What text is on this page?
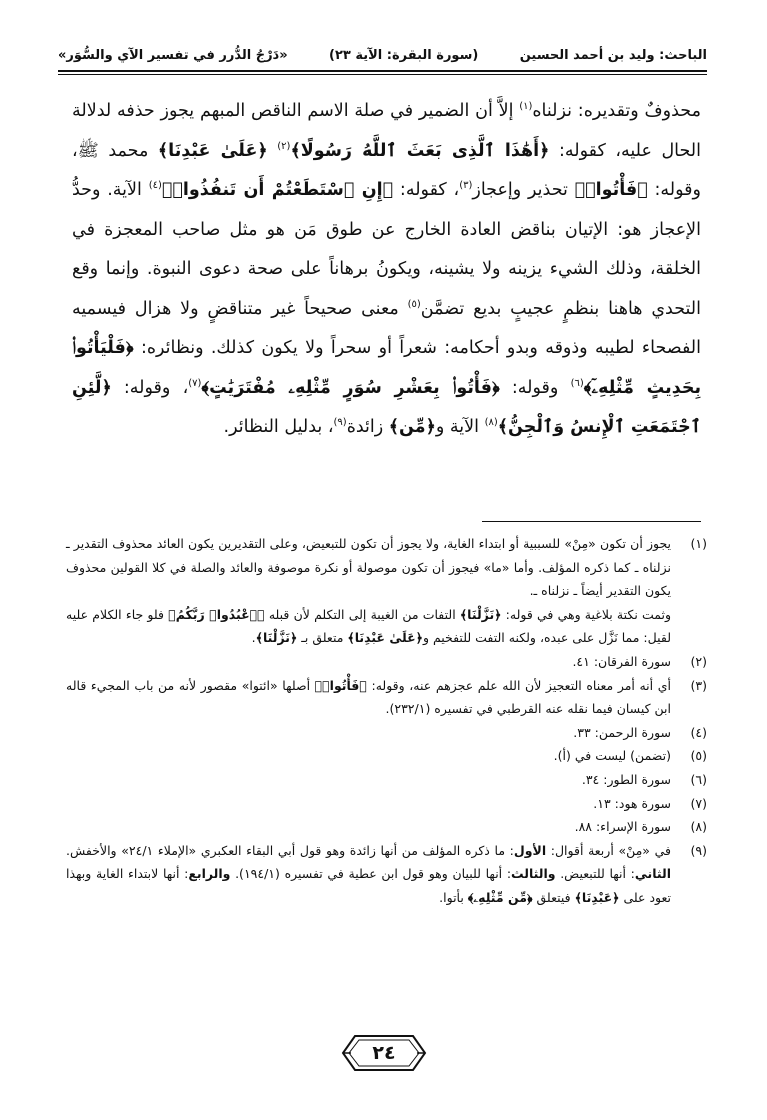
الباحث: وليد بن أحمد الحسين
(سورة البقرة: الآية ٢٣)
«دَرْجُ الدُّرر في تفسير الآي والسُّوَر»
محذوفٌ وتقديره: نزلناه$^{(١)}$ إلاَّ أن الضمير في صلة الاسم الناقص المبهم يجوز حذفه لدلالة الحال عليه، كقوله: ﴿أَهَٰذَا ٱلَّذِى بَعَثَ ٱللَّهُ رَسُولًا﴾$^{(٢)}$ ﴿عَلَىٰ عَبْدِنَا﴾ محمد ﷺ، وقوله: ﴿فَأْتُوا۟﴾ تحذير وإعجاز$^{(٣)}$، كقوله: ﴿إِنِ ٱسْتَطَعْتُمْ أَن تَنفُذُوا۟﴾$^{(٤)}$ الآية. وحدُّ الإعجاز هو: الإتيان بناقض العادة الخارج عن طوق مَن هو مثل صاحب المعجزة في الخلقة، وذلك الشيء يزينه ولا يشينه، ويكونُ برهاناً على صحة دعوى النبوة. وإنما وقع التحدي هاهنا بنظمٍ عجيبٍ بديع تضمَّن$^{(٥)}$ معنى صحيحاً غير متناقضٍ ولا هزال فيسميه الفصحاء لطيبه وذوقه وبدو أحكامه: شعراً أو سحراً ولا يكون كذلك. ونظائره: ﴿فَلْيَأْتُوا۟ بِحَدِيثٍ مِّثْلِهِۦٓ﴾$^{(٦)}$ وقوله: ﴿فَأْتُوا۟ بِعَشْرِ سُوَرٍ مِّثْلِهِۦ مُفْتَرَيَٰتٍ﴾$^{(٧)}$، وقوله: ﴿لَّئِنِ ٱجْتَمَعَتِ ٱلْإِنسُ وَٱلْجِنُّ﴾$^{(٨)}$ الآية و﴿مِّن﴾ زائدة$^{(٩)}$، بدليل النظائر.
(١)

يجوز أن تكون «مِنْ» للسببية أو ابتداء الغاية، ولا يجوز أن تكون للتبعيض، وعلى التقديرين يكون العائد محذوف التقدير ـ نزلناه ـ كما ذكره المؤلف. وأما «ما» فيجوز أن تكون موصولة أو نكرة موصوفة والعائد والصلة في كلا القولين محذوف يكون التقدير أيضاً ـ نزلناه ـ.

وثمت نكتة بلاغية وهي في قوله: ﴿نَزَّلْنَا﴾ التفات من الغيبة إلى التكلم لأن قبله ﴿ٱعْبُدُوا۟ رَبَّكُمُ﴾ فلو جاء الكلام عليه لقيل: مما نَزَّل على عبده، ولكنه التفت للتفخيم و﴿عَلَىٰ عَبْدِنَا﴾ متعلق بـ ﴿نَزَّلْنَا﴾.

(٢)
سورة الفرقان: ٤١.
(٣)
أي أنه أمر معناه التعجيز لأن الله علم عجزهم عنه، وقوله: ﴿فَأْتُوا۟﴾ أصلها «ائتوا» مقصور لأنه من باب المجيء قاله ابن كيسان فيما نقله عنه القرطبي في تفسيره (٢٣٢/١).
(٤)
سورة الرحمن: ٣٣.
(٥)
(تضمن) ليست في (أ).
(٦)
سورة الطور: ٣٤.
(٧)
سورة هود: ١٣.
(٨)
سورة الإسراء: ٨٨.
(٩)
في «مِنْ» أربعة أقوال: الأول: ما ذكره المؤلف من أنها زائدة وهو قول أبي البقاء العكبري «الإملاء ٢٤/١» والأخفش. الثاني: أنها للتبعيض. والثالث: أنها للبيان وهو قول ابن عطية في تفسيره (١٩٤/١). والرابع: أنها لابتداء الغاية وبهذا تعود على ﴿عَبْدِنَا﴾ فيتعلق ﴿مِّن مِّثْلِهِۦ﴾ بأتوا.
٢٤
